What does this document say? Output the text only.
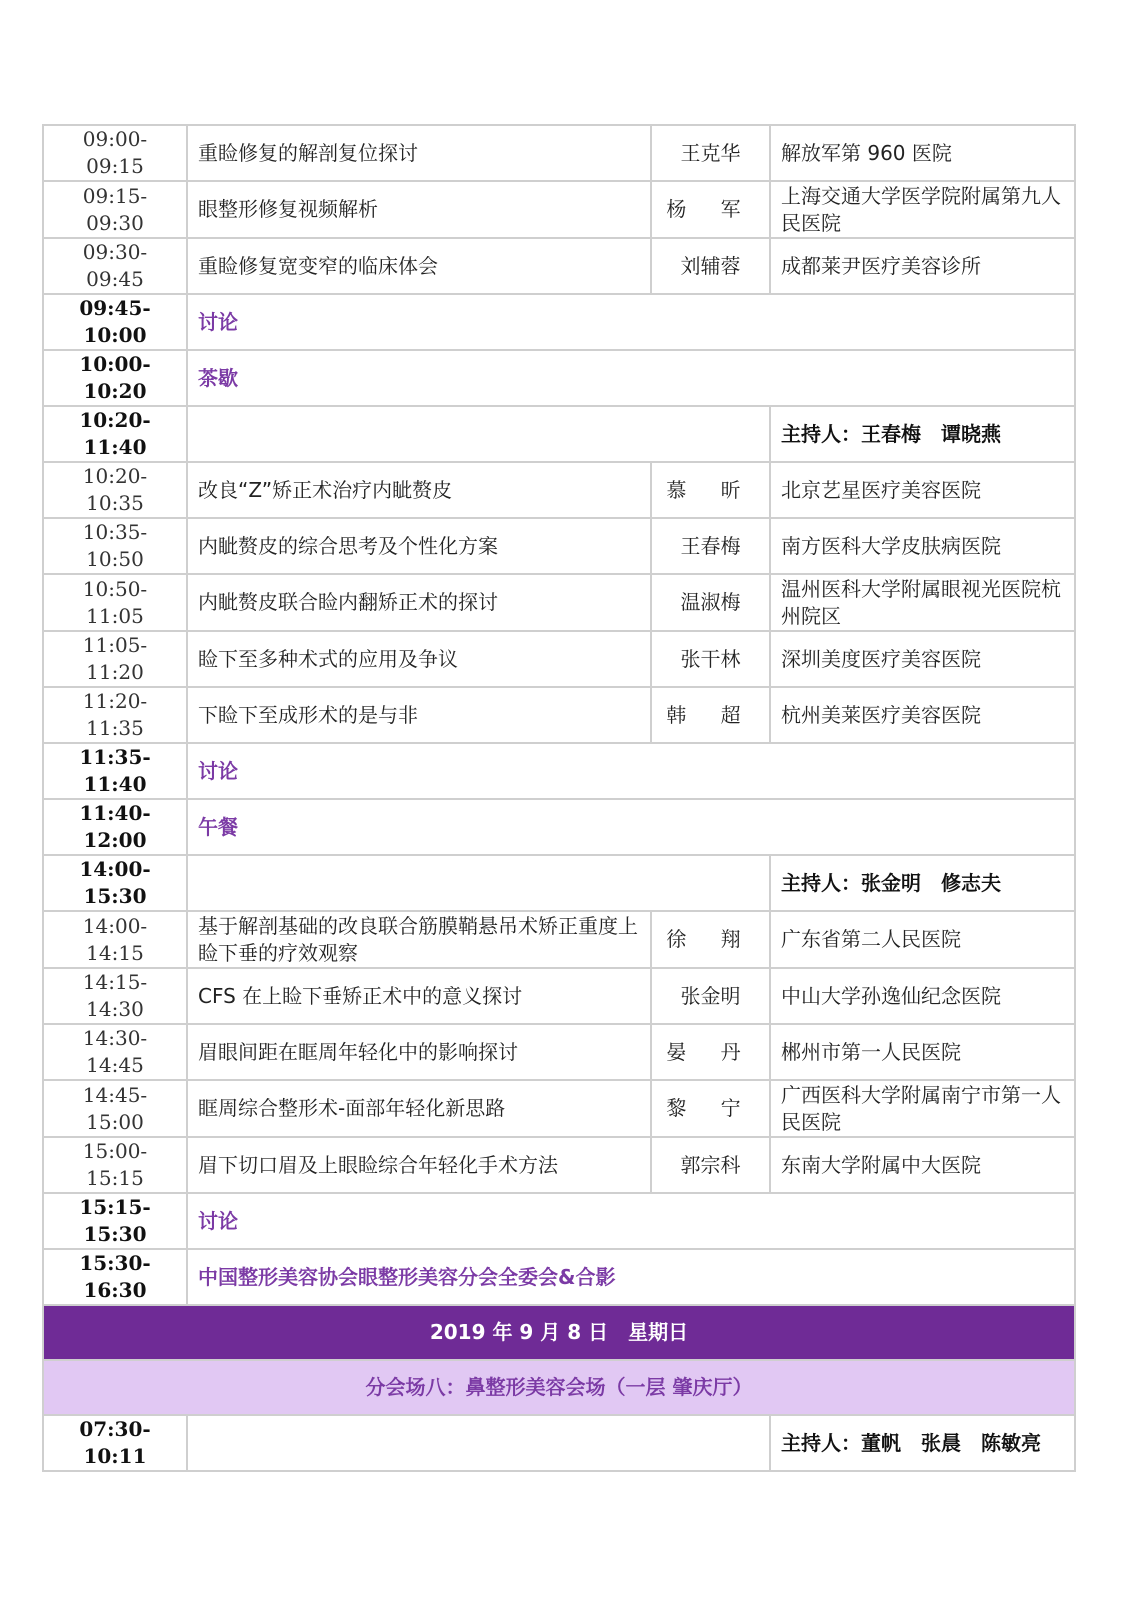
09:00-09:15	重睑修复的解剖复位探讨	王克华	解放军第 960 医院
09:15-09:30	眼整形修复视频解析	杨 军	上海交通大学医学院附属第九人民医院
09:30-09:45	重睑修复宽变窄的临床体会	刘辅蓉	成都莱尹医疗美容诊所
09:45-10:00	讨论		
10:00-10:20	茶歇		
10:20-11:40			主持人：王春梅　谭晓燕
10:20-10:35	改良“Z”矫正术治疗内眦赘皮	慕 昕	北京艺星医疗美容医院
10:35-10:50	内眦赘皮的综合思考及个性化方案	王春梅	南方医科大学皮肤病医院
10:50-11:05	内眦赘皮联合睑内翻矫正术的探讨	温淑梅	温州医科大学附属眼视光医院杭州院区
11:05-11:20	睑下至多种术式的应用及争议	张干林	深圳美度医疗美容医院
11:20-11:35	下睑下至成形术的是与非	韩 超	杭州美莱医疗美容医院
11:35-11:40	讨论		
11:40-12:00	午餐		
14:00-15:30			主持人：张金明　修志夫
14:00-14:15	基于解剖基础的改良联合筋膜鞘悬吊术矫正重度上睑下垂的疗效观察	徐 翔	广东省第二人民医院
14:15-14:30	CFS 在上睑下垂矫正术中的意义探讨	张金明	中山大学孙逸仙纪念医院
14:30-14:45	眉眼间距在眶周年轻化中的影响探讨	晏 丹	郴州市第一人民医院
14:45-15:00	眶周综合整形术-面部年轻化新思路	黎 宁	广西医科大学附属南宁市第一人民医院
15:00-15:15	眉下切口眉及上眼睑综合年轻化手术方法	郭宗科	东南大学附属中大医院
15:15-15:30	讨论		
15:30-16:30	中国整形美容协会眼整形美容分会全委会&合影		
2019 年 9 月 8 日　星期日			
分会场八：鼻整形美容会场（一层 肇庆厅）			
07:30-10:11			主持人：董帆　张晨　陈敏亮
